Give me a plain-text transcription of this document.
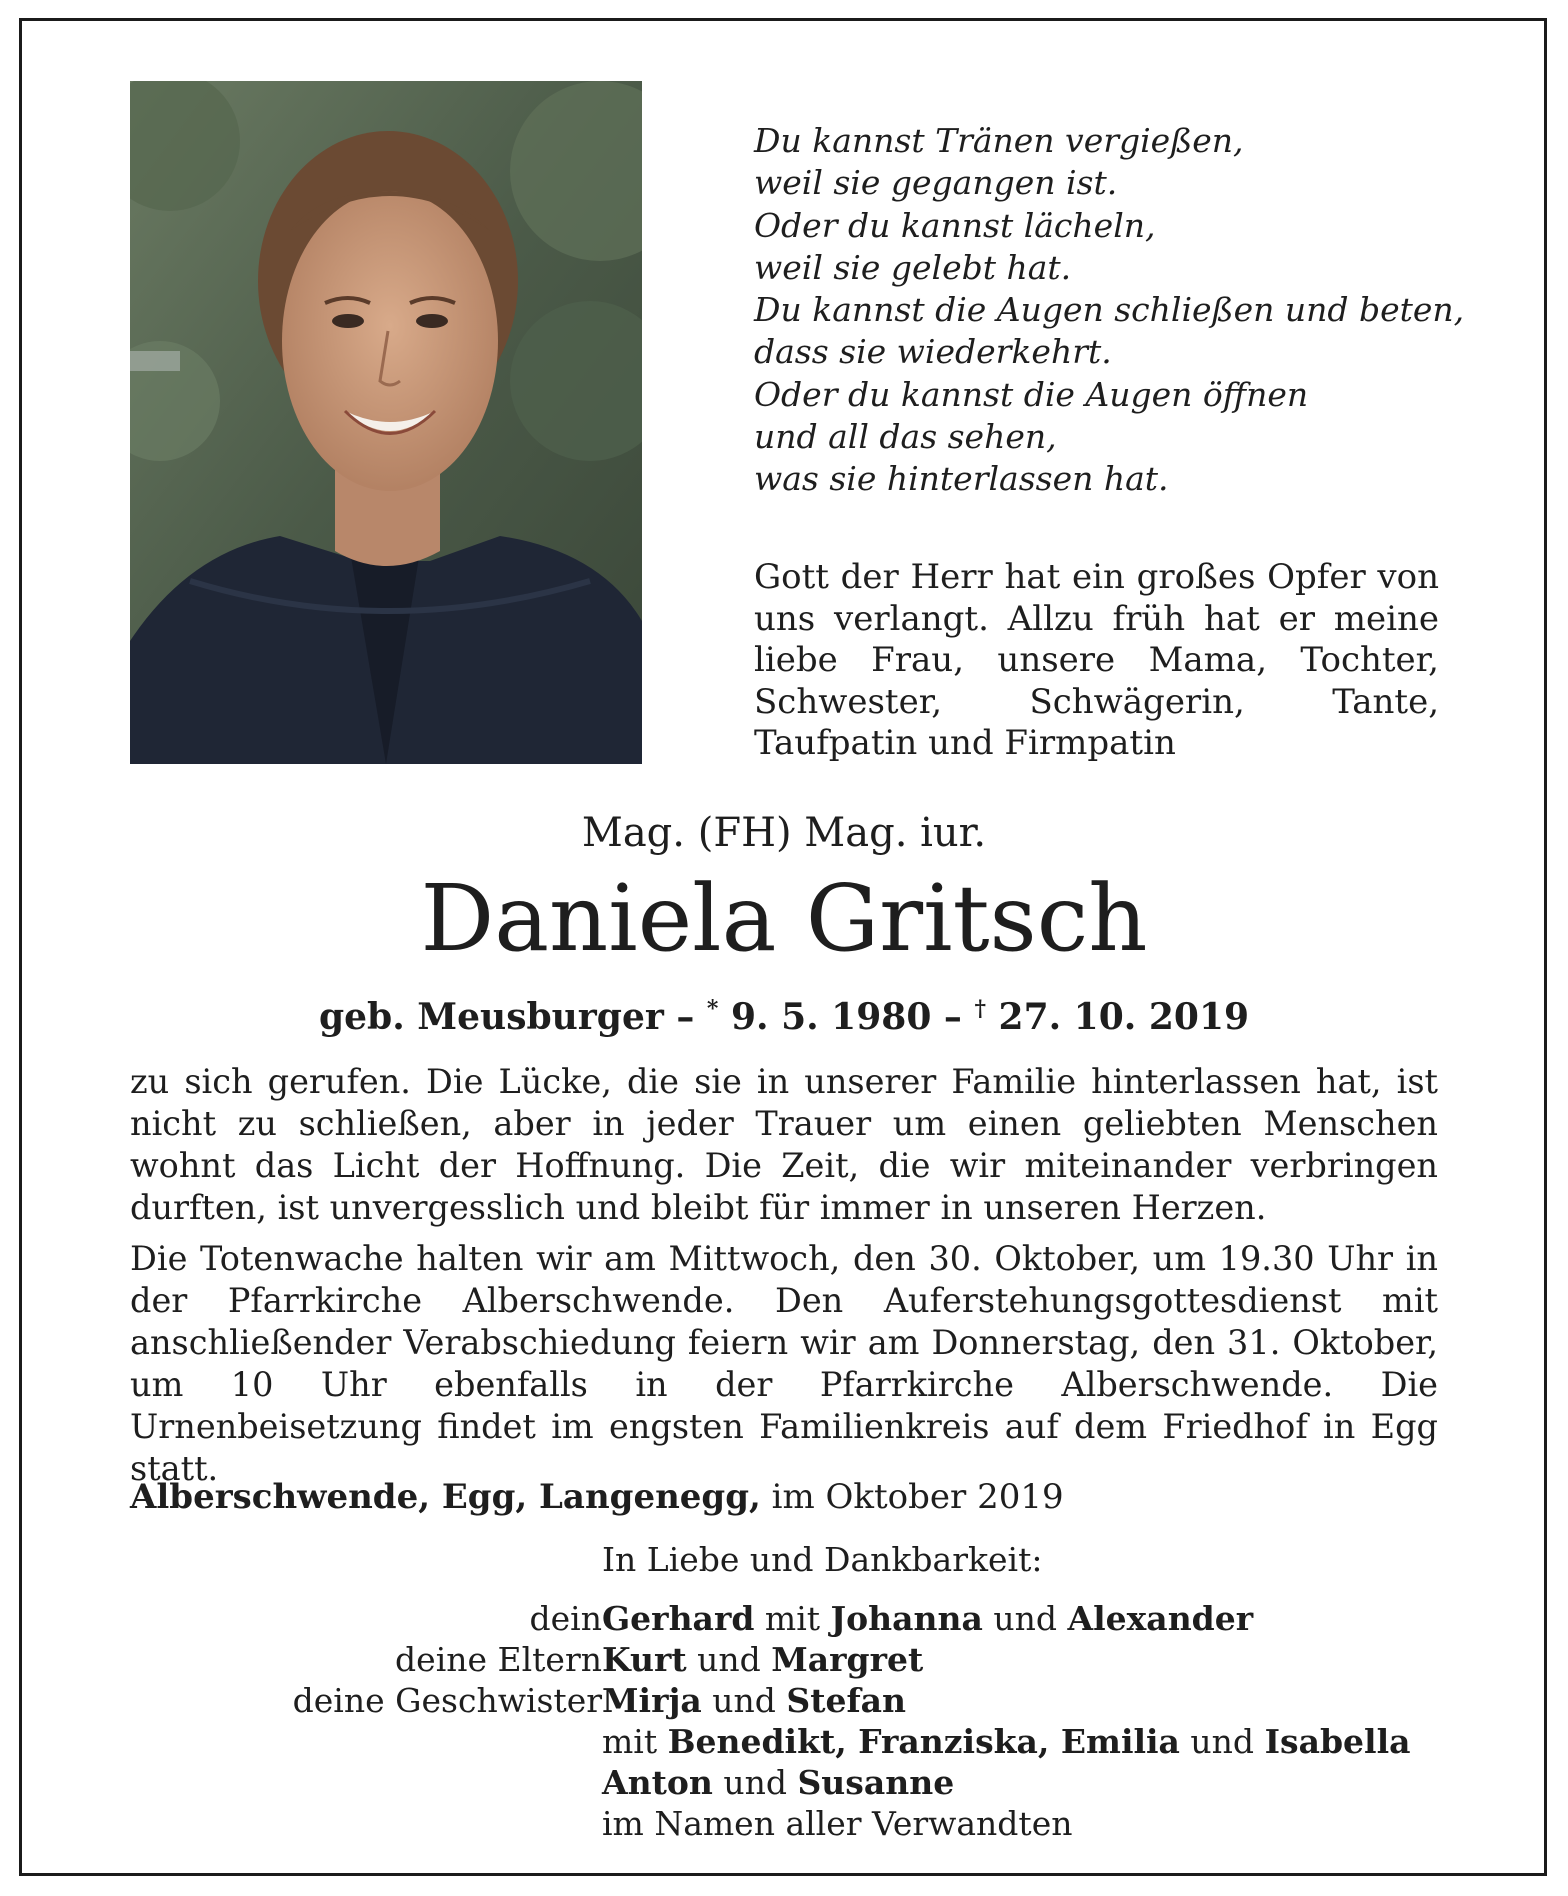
Du kannst Tränen vergießen,
weil sie gegangen ist.
Oder du kannst lächeln,
weil sie gelebt hat.
Du kannst die Augen schließen und beten,
dass sie wiederkehrt.
Oder du kannst die Augen öffnen
und all das sehen,
was sie hinterlassen hat.

Gott der Herr hat ein großes Opfer von uns verlangt. Allzu früh hat er meine liebe Frau, unsere Mama, Tochter, Schwester, Schwägerin, Tante, Taufpatin und Firmpatin

Mag. (FH) Mag. iur.
Daniela Gritsch
geb. Meusburger – * 9. 5. 1980 – † 27. 10. 2019

zu sich gerufen. Die Lücke, die sie in unserer Familie hinterlassen hat, ist nicht zu schließen, aber in jeder Trauer um einen geliebten Menschen wohnt das Licht der Hoffnung. Die Zeit, die wir miteinander verbringen durften, ist unvergesslich und bleibt für immer in unseren Herzen.

Die Totenwache halten wir am Mittwoch, den 30. Oktober, um 19.30 Uhr in der Pfarrkirche Alberschwende. Den Auferstehungsgottesdienst mit anschließender Verabschiedung feiern wir am Donnerstag, den 31. Oktober, um 10 Uhr ebenfalls in der Pfarrkirche Alberschwende. Die Urnenbeisetzung findet im engsten Familienkreis auf dem Friedhof in Egg statt.

Alberschwende, Egg, Langenegg, im Oktober 2019
In Liebe und Dankbarkeit:
dein Gerhard mit Johanna und Alexander
deine Eltern Kurt und Margret
deine Geschwister Mirja und Stefan
mit Benedikt, Franziska, Emilia und Isabella
Anton und Susanne
im Namen aller Verwandten
